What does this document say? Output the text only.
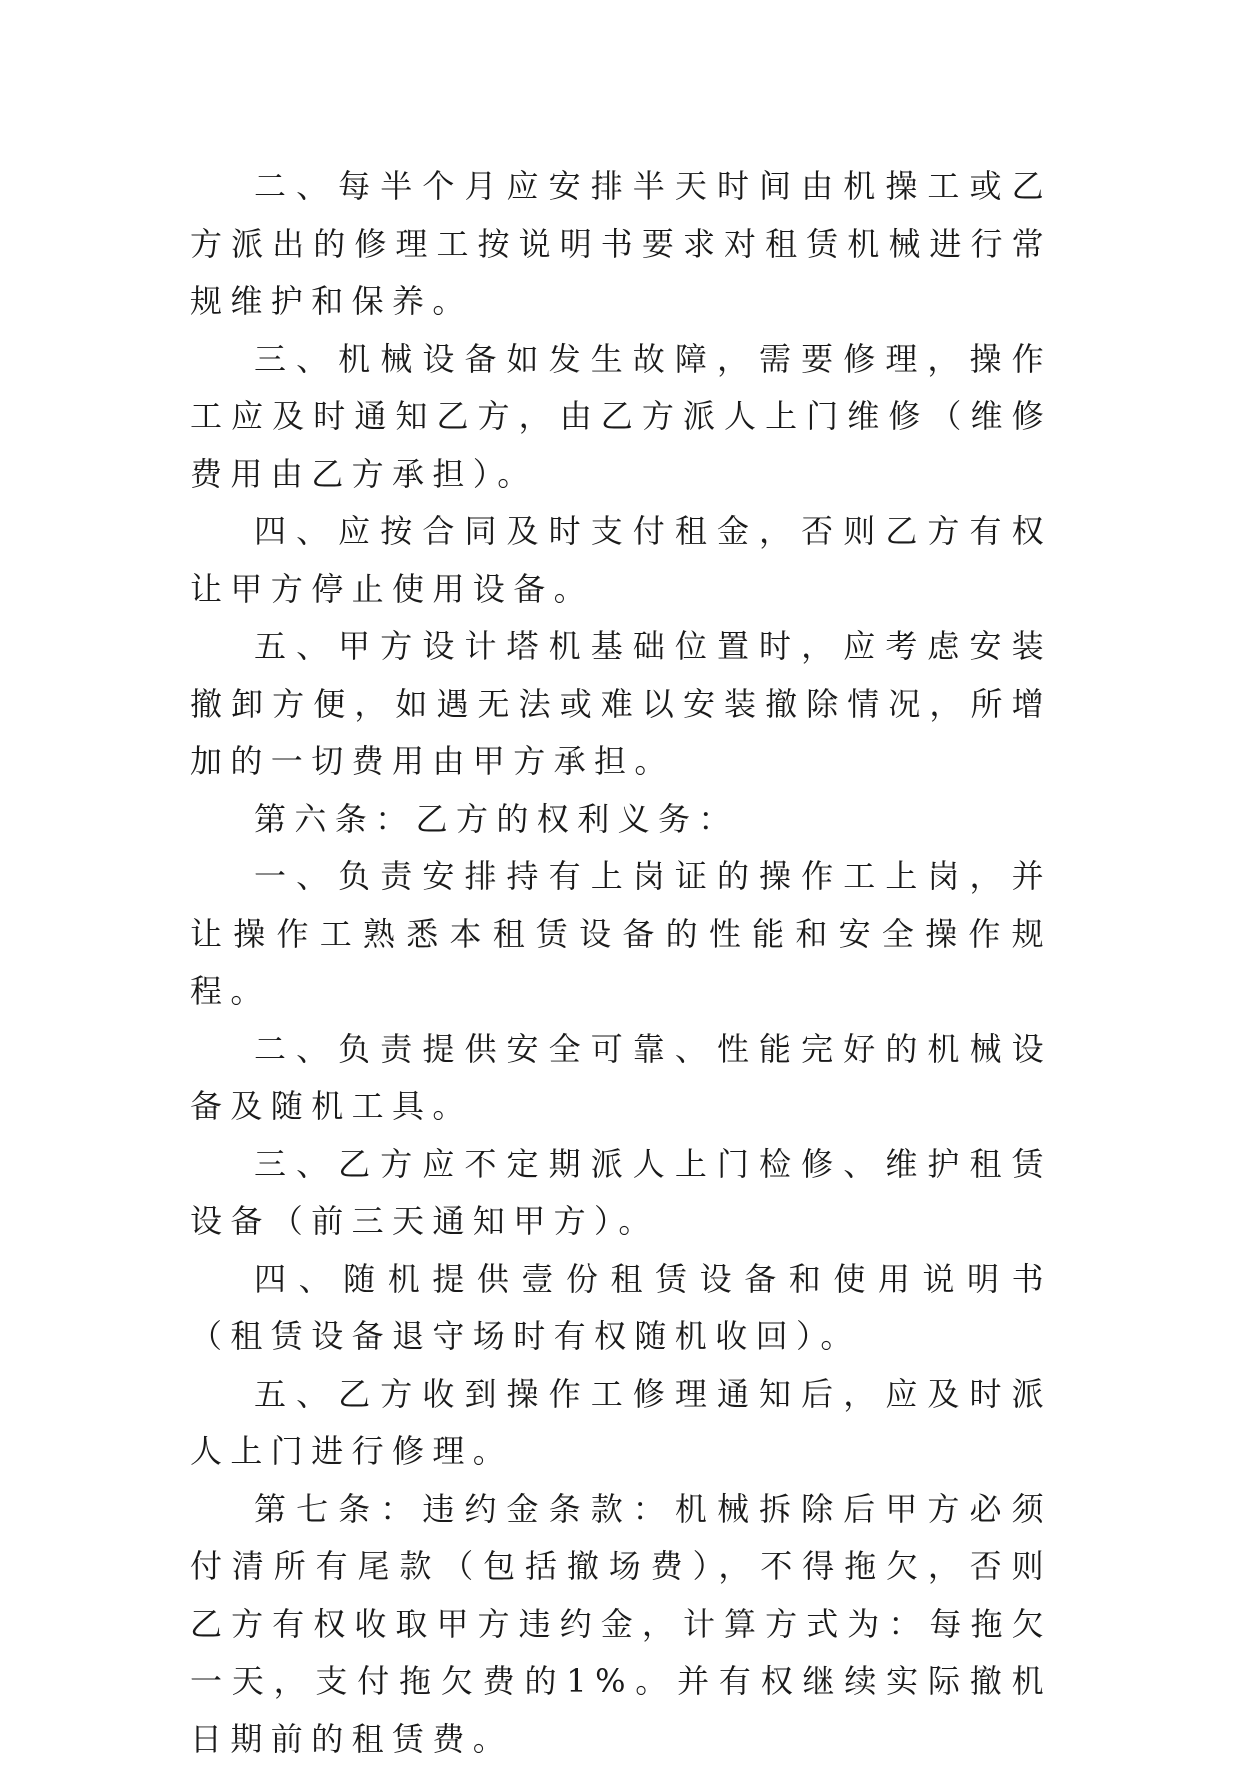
二、每半个月应安排半天时间由机操工或乙方派出的修理工按说明书要求对租赁机械进行常规维护和保养。

三、机械设备如发生故障，需要修理，操作工应及时通知乙方，由乙方派人上门维修（维修费用由乙方承担）。

四、应按合同及时支付租金，否则乙方有权让甲方停止使用设备。

五、甲方设计塔机基础位置时，应考虑安装撤卸方便，如遇无法或难以安装撤除情况，所增加的一切费用由甲方承担。

第六条：乙方的权利义务：

一、负责安排持有上岗证的操作工上岗，并让操作工熟悉本租赁设备的性能和安全操作规程。

二、负责提供安全可靠、性能完好的机械设备及随机工具。

三、乙方应不定期派人上门检修、维护租赁设备（前三天通知甲方）。

四、随机提供壹份租赁设备和使用说明书（租赁设备退守场时有权随机收回）。

五、乙方收到操作工修理通知后，应及时派人上门进行修理。

第七条：违约金条款：机械拆除后甲方必须付清所有尾款（包括撤场费），不得拖欠，否则乙方有权收取甲方违约金，计算方式为：每拖欠一天，支付拖欠费的1%。并有权继续实际撤机日期前的租赁费。
